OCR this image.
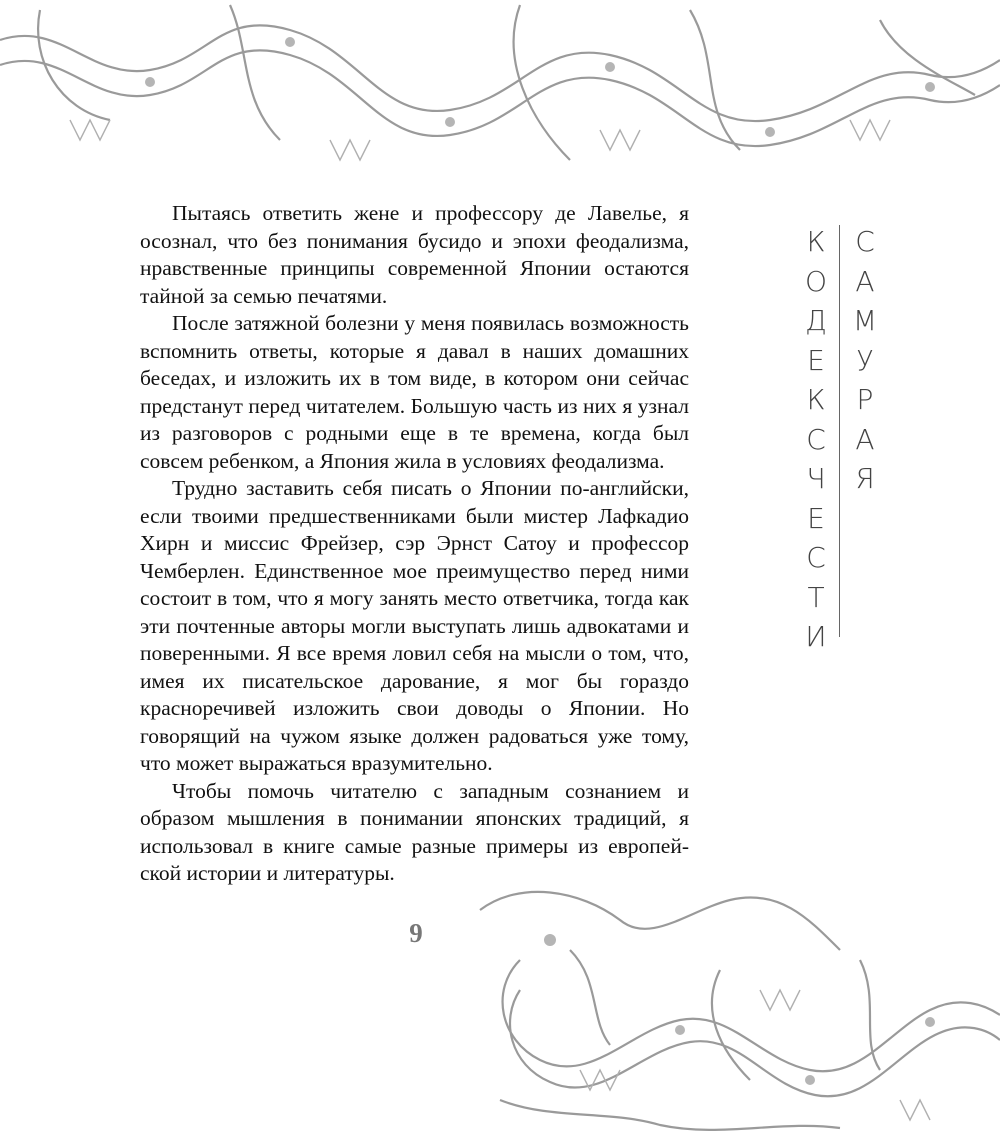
Пытаясь ответить жене и профессору де Лавелье, я осознал, что без понимания бусидо и эпохи феодализма, нравственные принципы современной Японии остаются тайной за семью печатями.

После затяжной болезни у меня появилась возможность вспомнить ответы, которые я давал в наших домашних беседах, и изложить их в том виде, в котором они сейчас предстанут перед читателем. Большую часть из них я узнал из разговоров с родными еще в те времена, когда был совсем ребенком, а Япония жила в условиях феодализма.

Трудно заставить себя писать о Японии по-английски, если твоими предшественниками были мистер Лафкадио Хирн и миссис Фрейзер, сэр Эрнст Сатоу и профессор Чемберлен. Единственное мое преимущество перед ними состоит в том, что я могу занять место ответчика, тогда как эти почтенные авторы могли выступать лишь адвокатами и поверенными. Я все время ловил себя на мысли о том, что, имея их писательское дарование, я мог бы гораздо красноречивей изложить свои доводы о Японии. Но говорящий на чужом языке должен радоваться уже тому, что может выражаться вразумительно.

Чтобы помочь читателю с западным сознанием и образом мышления в понимании японских традиций, я использовал в книге самые разные примеры из европейской истории и литературы.

9
К
О
Д
Е
К
С
Ч
Е
С
Т
И
С
А
М
У
Р
А
Я
